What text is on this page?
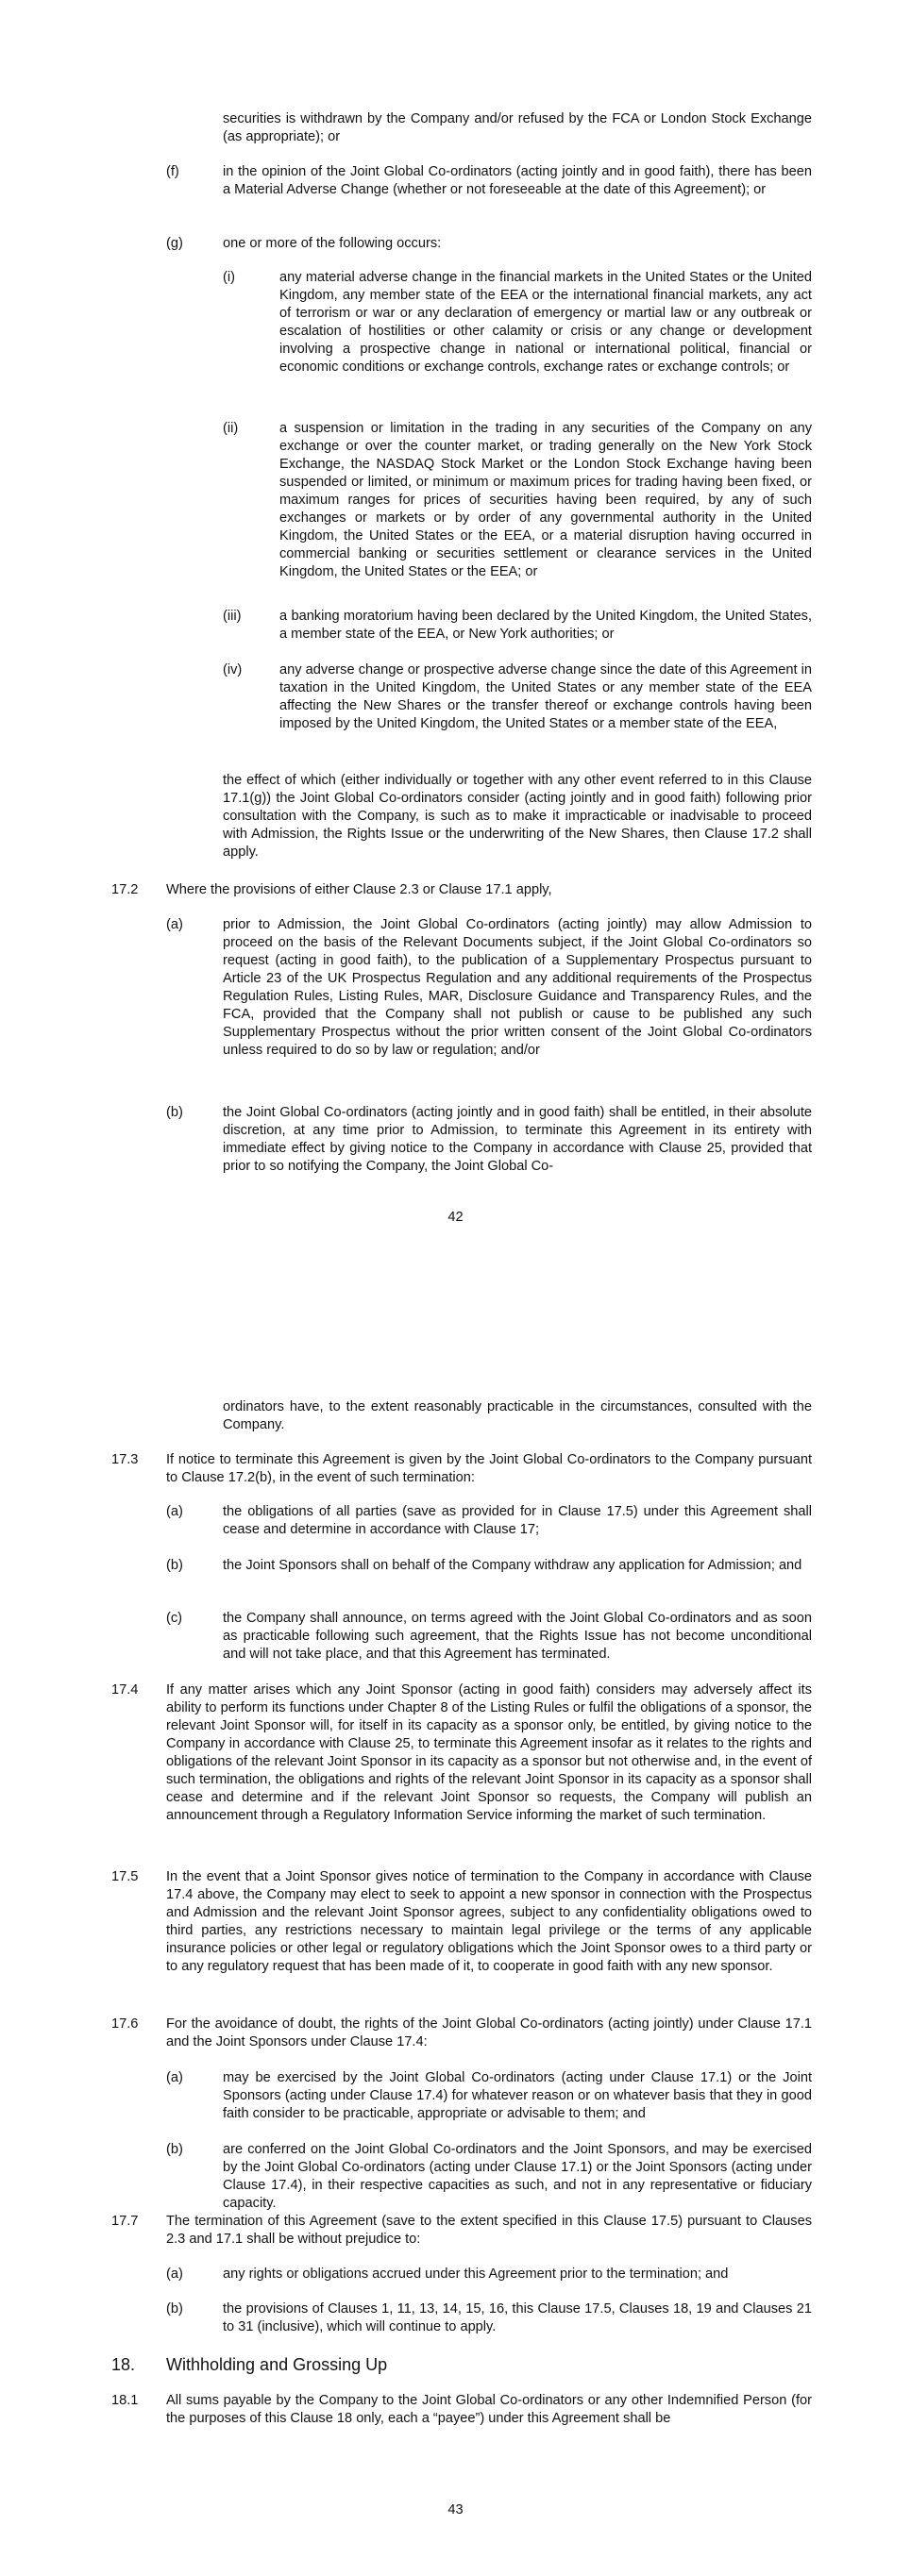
securities is withdrawn by the Company and/or refused by the FCA or London Stock Exchange (as appropriate); or

(f)	in the opinion of the Joint Global Co-ordinators (acting jointly and in good faith), there has been a Material Adverse Change (whether or not foreseeable at the date of this Agreement); or

(g)	one or more of the following occurs:

(i)	any material adverse change in the financial markets in the United States or the United Kingdom, any member state of the EEA or the international financial markets, any act of terrorism or war or any declaration of emergency or martial law or any outbreak or escalation of hostilities or other calamity or crisis or any change or development involving a prospective change in national or international political, financial or economic conditions or exchange controls, exchange rates or exchange controls; or

(ii)	a suspension or limitation in the trading in any securities of the Company on any exchange or over the counter market, or trading generally on the New York Stock Exchange, the NASDAQ Stock Market or the London Stock Exchange having been suspended or limited, or minimum or maximum prices for trading having been fixed, or maximum ranges for prices of securities having been required, by any of such exchanges or markets or by order of any governmental authority in the United Kingdom, the United States or the EEA, or a material disruption having occurred in commercial banking or securities settlement or clearance services in the United Kingdom, the United States or the EEA; or

(iii)	a banking moratorium having been declared by the United Kingdom, the United States, a member state of the EEA, or New York authorities; or

(iv)	any adverse change or prospective adverse change since the date of this Agreement in taxation in the United Kingdom, the United States or any member state of the EEA affecting the New Shares or the transfer thereof or exchange controls having been imposed by the United Kingdom, the United States or a member state of the EEA,

the effect of which (either individually or together with any other event referred to in this Clause 17.1(g)) the Joint Global Co-ordinators consider (acting jointly and in good faith) following prior consultation with the Company, is such as to make it impracticable or inadvisable to proceed with Admission, the Rights Issue or the underwriting of the New Shares, then Clause 17.2 shall apply.

17.2 Where the provisions of either Clause 2.3 or Clause 17.1 apply,

(a)	prior to Admission, the Joint Global Co-ordinators (acting jointly) may allow Admission to proceed on the basis of the Relevant Documents subject, if the Joint Global Co-ordinators so request (acting in good faith), to the publication of a Supplementary Prospectus pursuant to Article 23 of the UK Prospectus Regulation and any additional requirements of the Prospectus Regulation Rules, Listing Rules, MAR, Disclosure Guidance and Transparency Rules, and the FCA, provided that the Company shall not publish or cause to be published any such Supplementary Prospectus without the prior written consent of the Joint Global Co-ordinators unless required to do so by law or regulation; and/or

(b)	the Joint Global Co-ordinators (acting jointly and in good faith) shall be entitled, in their absolute discretion, at any time prior to Admission, to terminate this Agreement in its entirety with immediate effect by giving notice to the Company in accordance with Clause 25, provided that prior to so notifying the Company, the Joint Global Co-

42

ordinators have, to the extent reasonably practicable in the circumstances, consulted with the Company.

17.3 If notice to terminate this Agreement is given by the Joint Global Co-ordinators to the Company pursuant to Clause 17.2(b), in the event of such termination:

(a)	the obligations of all parties (save as provided for in Clause 17.5) under this Agreement shall cease and determine in accordance with Clause 17;

(b)	the Joint Sponsors shall on behalf of the Company withdraw any application for Admission; and

(c)	the Company shall announce, on terms agreed with the Joint Global Co-ordinators and as soon as practicable following such agreement, that the Rights Issue has not become unconditional and will not take place, and that this Agreement has terminated.

17.4 If any matter arises which any Joint Sponsor (acting in good faith) considers may adversely affect its ability to perform its functions under Chapter 8 of the Listing Rules or fulfil the obligations of a sponsor, the relevant Joint Sponsor will, for itself in its capacity as a sponsor only, be entitled, by giving notice to the Company in accordance with Clause 25, to terminate this Agreement insofar as it relates to the rights and obligations of the relevant Joint Sponsor in its capacity as a sponsor but not otherwise and, in the event of such termination, the obligations and rights of the relevant Joint Sponsor in its capacity as a sponsor shall cease and determine and if the relevant Joint Sponsor so requests, the Company will publish an announcement through a Regulatory Information Service informing the market of such termination.

17.5 In the event that a Joint Sponsor gives notice of termination to the Company in accordance with Clause 17.4 above, the Company may elect to seek to appoint a new sponsor in connection with the Prospectus and Admission and the relevant Joint Sponsor agrees, subject to any confidentiality obligations owed to third parties, any restrictions necessary to maintain legal privilege or the terms of any applicable insurance policies or other legal or regulatory obligations which the Joint Sponsor owes to a third party or to any regulatory request that has been made of it, to cooperate in good faith with any new sponsor.

17.6 For the avoidance of doubt, the rights of the Joint Global Co-ordinators (acting jointly) under Clause 17.1 and the Joint Sponsors under Clause 17.4:

(a)	may be exercised by the Joint Global Co-ordinators (acting under Clause 17.1) or the Joint Sponsors (acting under Clause 17.4) for whatever reason or on whatever basis that they in good faith consider to be practicable, appropriate or advisable to them; and

(b)	are conferred on the Joint Global Co-ordinators and the Joint Sponsors, and may be exercised by the Joint Global Co-ordinators (acting under Clause 17.1) or the Joint Sponsors (acting under Clause 17.4), in their respective capacities as such, and not in any representative or fiduciary capacity.

17.7 The termination of this Agreement (save to the extent specified in this Clause 17.5) pursuant to Clauses 2.3 and 17.1 shall be without prejudice to:

(a)	any rights or obligations accrued under this Agreement prior to the termination; and

(b)	the provisions of Clauses 1, 11, 13, 14, 15, 16, this Clause 17.5, Clauses 18, 19 and Clauses 21 to 31 (inclusive), which will continue to apply.

18. Withholding and Grossing Up
18.1 All sums payable by the Company to the Joint Global Co-ordinators or any other Indemnified Person (for the purposes of this Clause 18 only, each a “payee”) under this Agreement shall be

43
